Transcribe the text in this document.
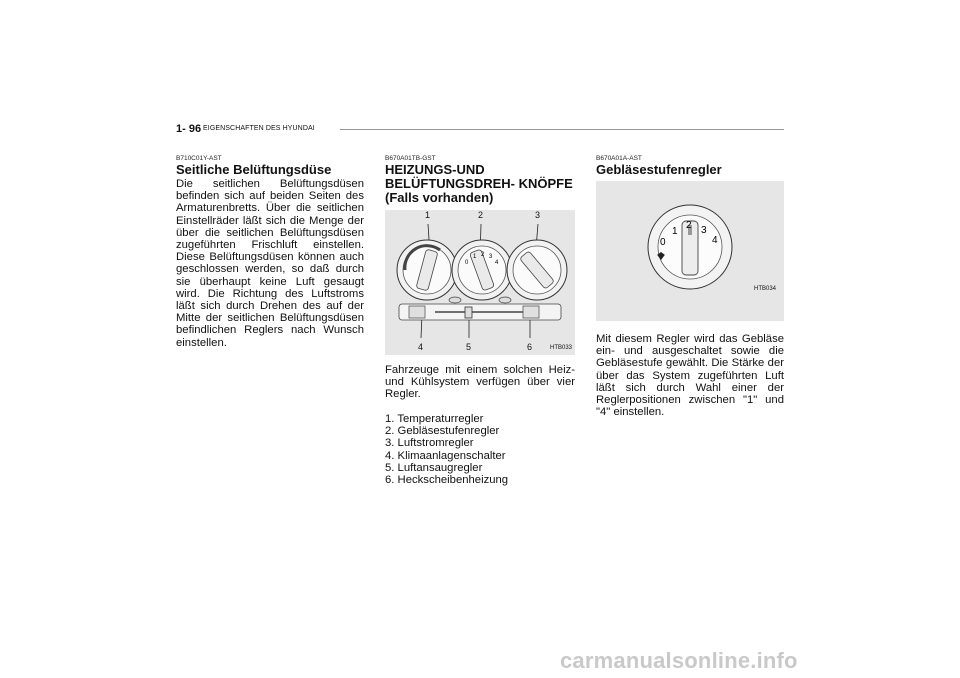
1- 96 EIGENSCHAFTEN DES HYUNDAI
B710C01Y-AST
Seitliche Belüftungsdüse

Die seitlichen Belüftungsdüsen befinden sich auf beiden Seiten des Armaturenbretts. Über die seitlichen Einstellräder läßt sich die Menge der über die seitlichen Belüftungsdüsen zugeführten Frischluft einstellen. Diese Belüftungsdüsen können auch geschlossen werden, so daß durch sie überhaupt keine Luft gesaugt wird. Die Richtung des Luftstroms läßt sich durch Drehen des auf der Mitte der seitlichen Belüftungsdüsen befindlichen Reglers nach Wunsch einstellen.

B670A01TB-GST
HEIZUNGS-UND
BELÜFTUNGSDREH- KNÖPFE
(Falls vorhanden)
0
1 2 3
4
1	2	3
4	5	6	HTB033

Fahrzeuge mit einem solchen Heiz- und Kühlsystem verfügen über vier Regler.

1. Temperaturregler
2. Gebläsestufenregler
3. Luftstromregler
4. Klimaanlagenschalter
5. Luftansaugregler
6. Heckscheibenheizung
B670A01A-AST
Gebläsestufenregler
0
1
2 3
4
HTB034

Mit diesem Regler wird das Gebläse ein- und ausgeschaltet sowie die Gebläsestufe gewählt. Die Stärke der über das System zugeführten Luft läßt sich durch Wahl einer der Reglerpositionen zwischen "1" und "4" einstellen.

carmanualsonline.info
